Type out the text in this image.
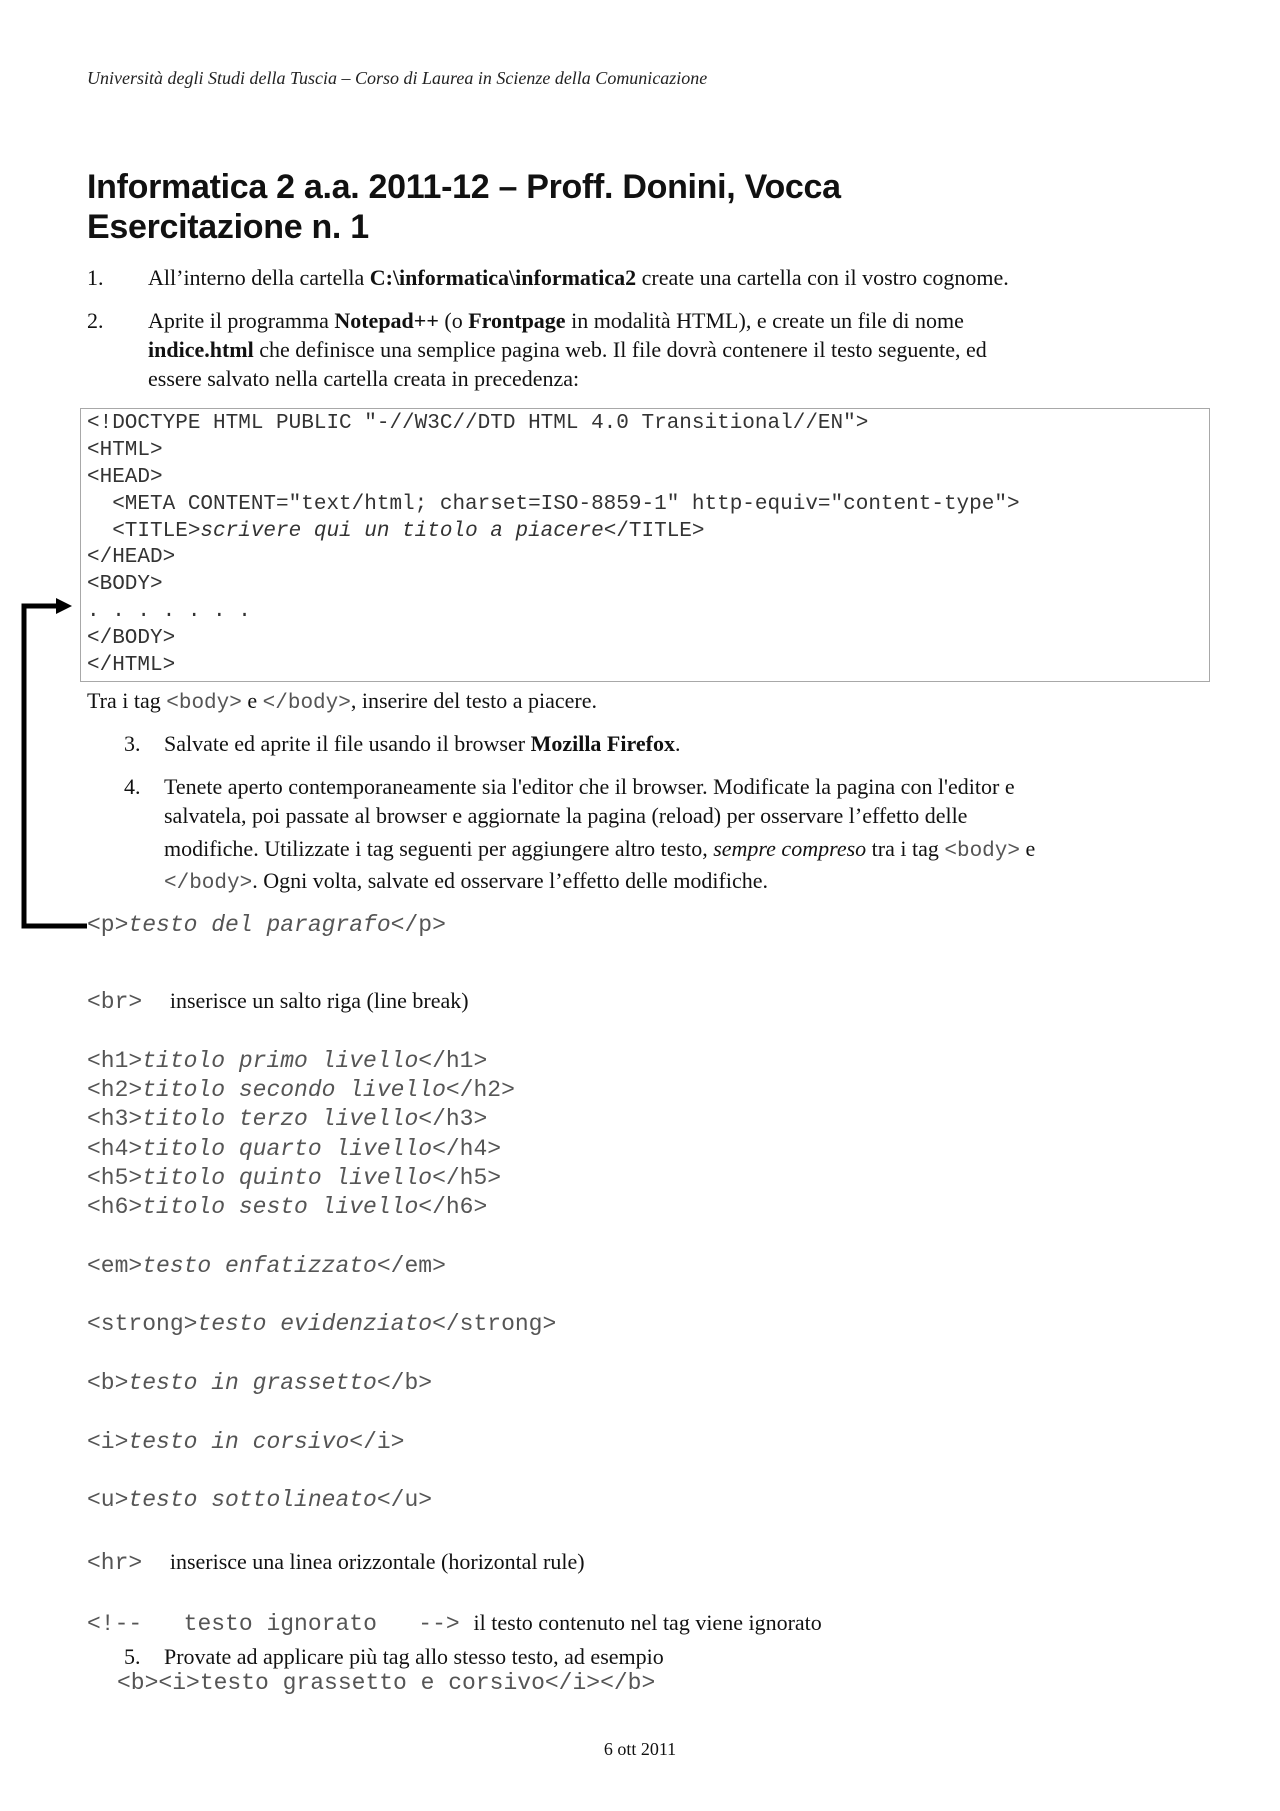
Università degli Studi della Tuscia – Corso di Laurea in Scienze della Comunicazione
Informatica 2 a.a. 2011-12 – Proff. Donini, Vocca
Esercitazione n. 1
1. All’interno della cartella C:\informatica\informatica2 create una cartella con il vostro cognome.
2. Aprite il programma Notepad++ (o Frontpage in modalità HTML), e create un file di nome
indice.html che definisce una semplice pagina web. Il file dovrà contenere il testo seguente, ed
essere salvato nella cartella creata in precedenza:
<!DOCTYPE HTML PUBLIC "-//W3C//DTD HTML 4.0 Transitional//EN">
<HTML>
<HEAD>
<META CONTENT="text/html; charset=ISO-8859-1" http-equiv="content-type">
<TITLE>scrivere qui un titolo a piacere</TITLE>
</HEAD>
<BODY>
. . . . . . .
</BODY>
</HTML>
Tra i tag <body> e </body>, inserire del testo a piacere.
3. Salvate ed aprite il file usando il browser Mozilla Firefox.
4. Tenete aperto contemporaneamente sia l'editor che il browser. Modificate la pagina con l'editor e
salvatela, poi passate al browser e aggiornate la pagina (reload) per osservare l’effetto delle
modifiche. Utilizzate i tag seguenti per aggiungere altro testo, sempre compreso tra i tag <body> e
</body>. Ogni volta, salvate ed osservare l’effetto delle modifiche.
<p>testo del paragrafo</p>
<br> inserisce un salto riga (line break)
<h1>titolo primo livello</h1>
<h2>titolo secondo livello</h2>
<h3>titolo terzo livello</h3>
<h4>titolo quarto livello</h4>
<h5>titolo quinto livello</h5>
<h6>titolo sesto livello</h6>
<em>testo enfatizzato</em>
<strong>testo evidenziato</strong>
<b>testo in grassetto</b>
<i>testo in corsivo</i>
<u>testo sottolineato</u>
<hr> inserisce una linea orizzontale (horizontal rule)
<!-- testo ignorato --> il testo contenuto nel tag viene ignorato
5. Provate ad applicare più tag allo stesso testo, ad esempio
<b><i>testo grassetto e corsivo</i></b>
6 ott 2011
